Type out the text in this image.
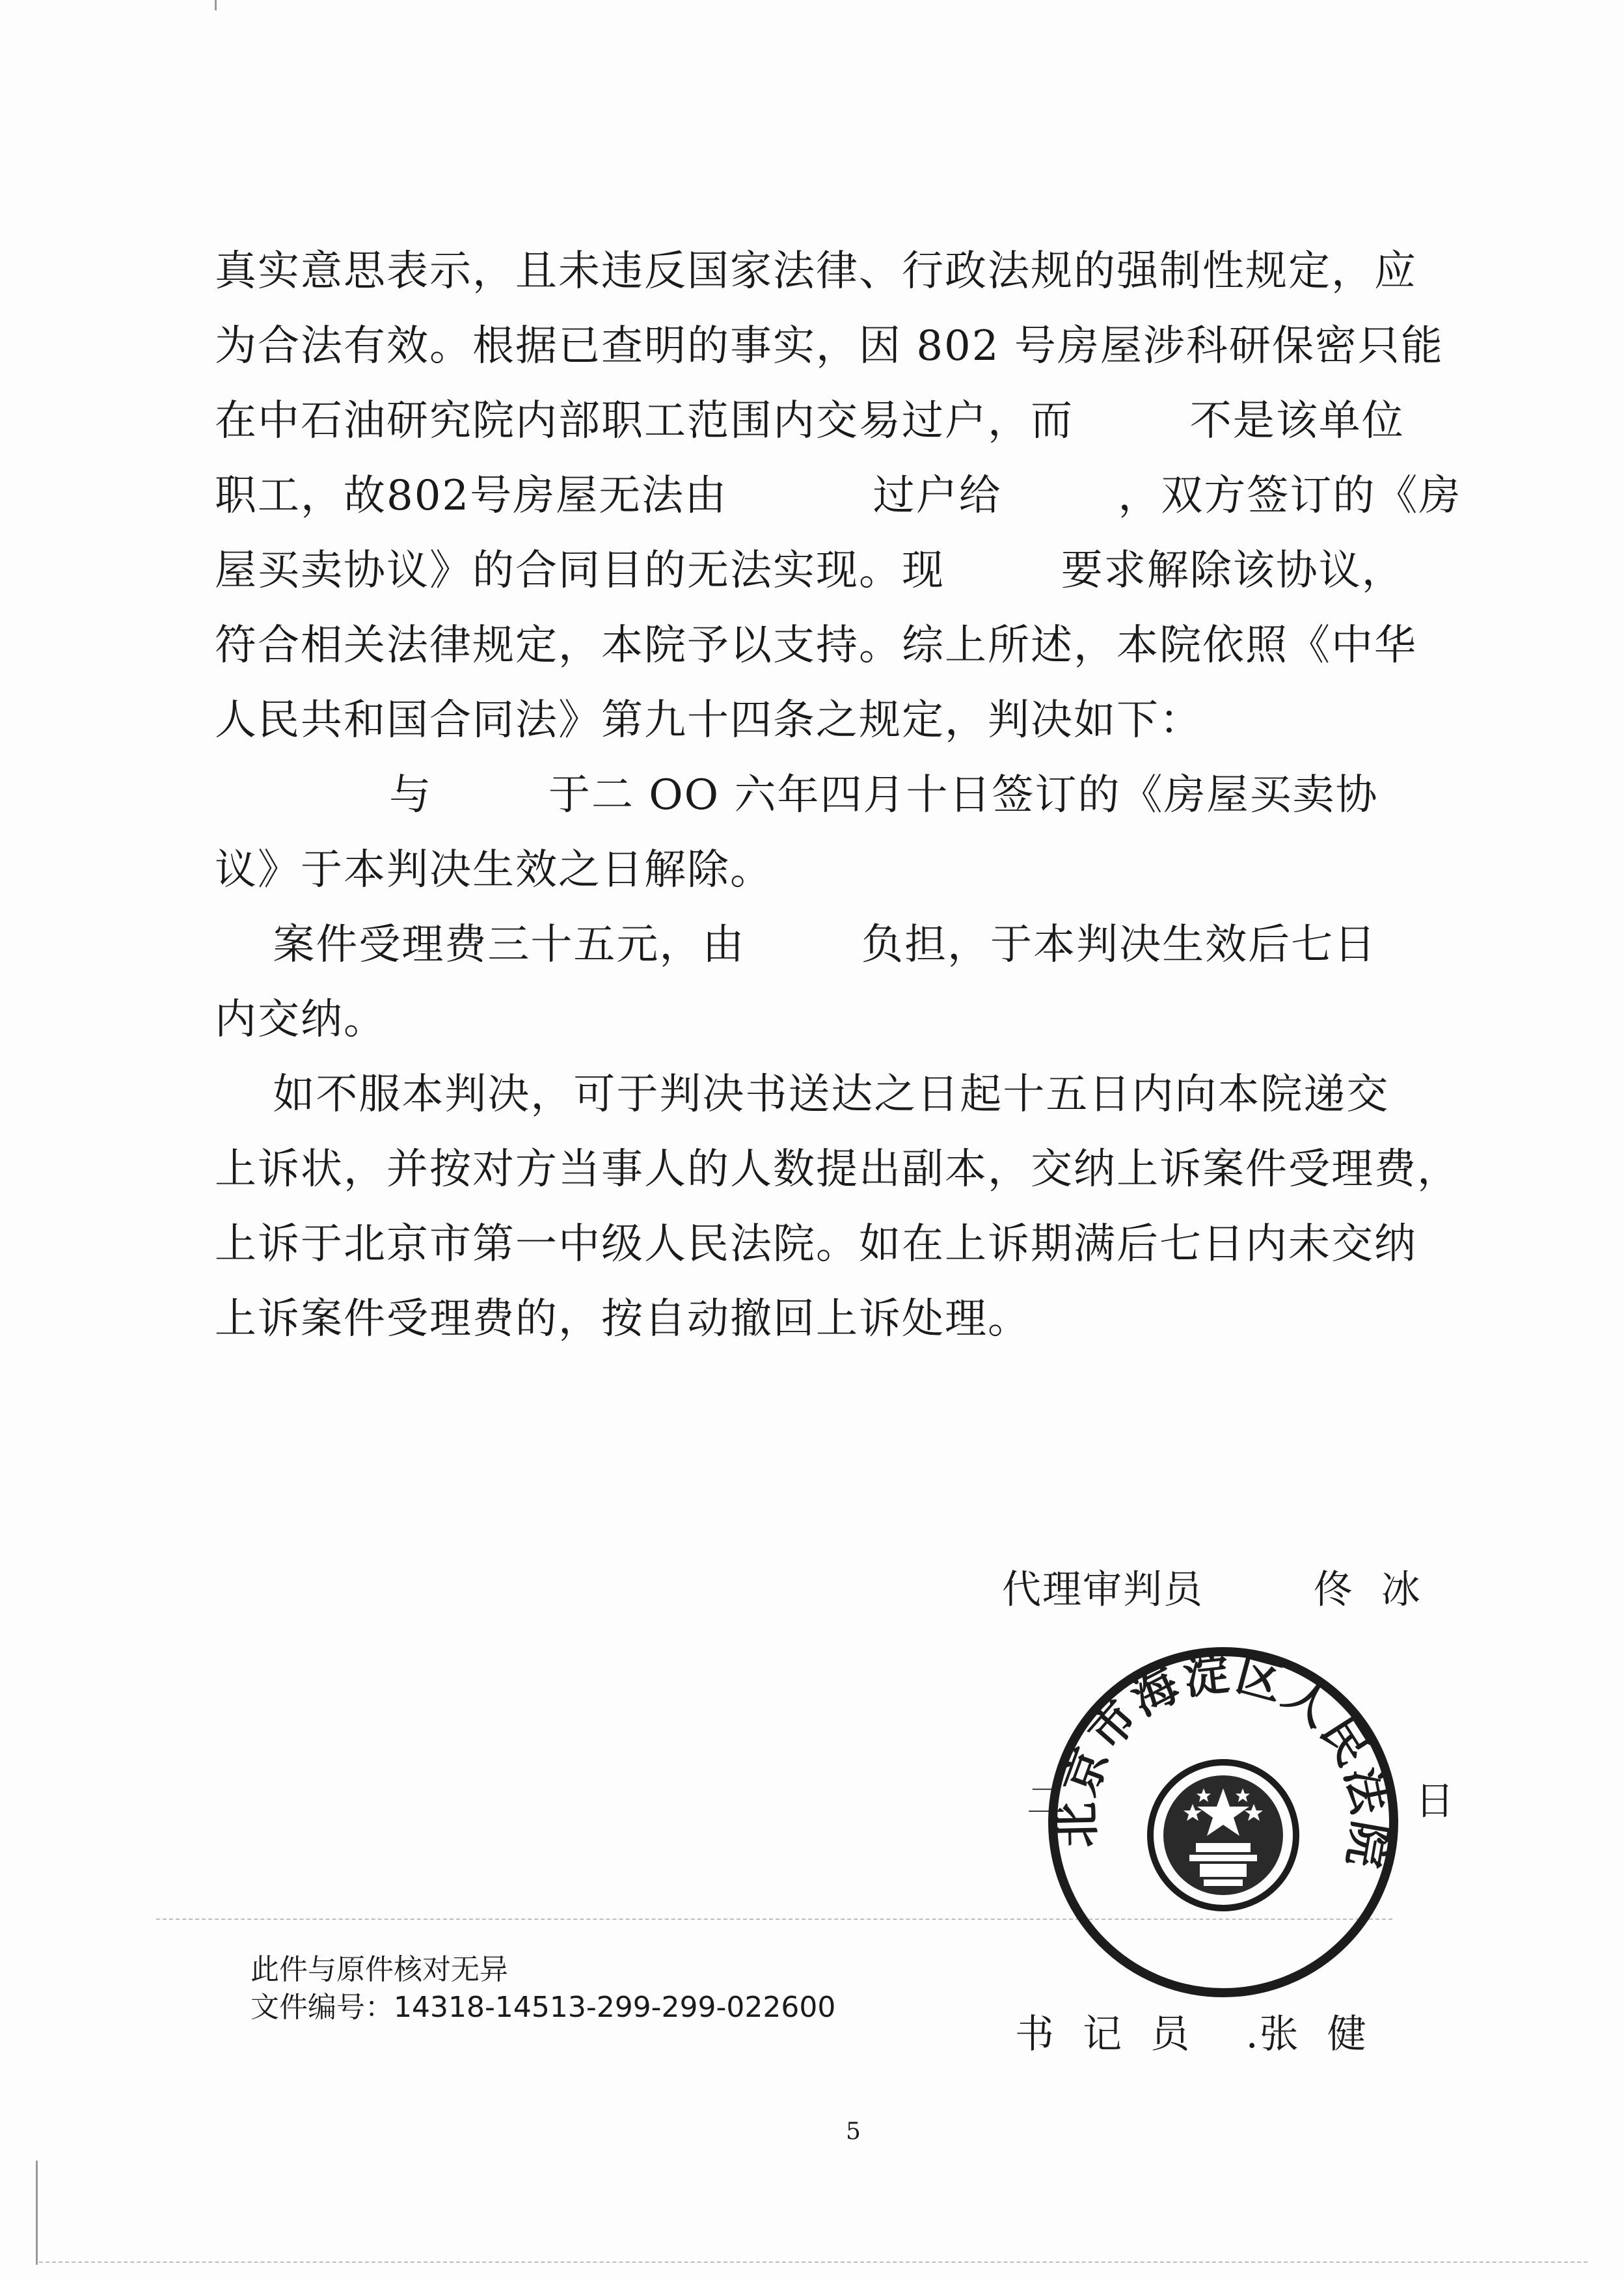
真实意思表示，且未违反国家法律、行政法规的强制性规定，应
为合法有效。根据已查明的事实，因 802 号房屋涉科研保密只能
在中石油研究院内部职工范围内交易过户，而        不是该单位
职工，故802号房屋无法由          过户给        ，双方签订的《房
屋买卖协议》的合同目的无法实现。现        要求解除该协议，
符合相关法律规定，本院予以支持。综上所述，本院依照《中华
人民共和国合同法》第九十四条之规定，判决如下：
与        于二 OO 六年四月十日签订的《房屋买卖协
议》于本判决生效之日解除。
案件受理费三十五元，由        负担，于本判决生效后七日
内交纳。
如不服本判决，可于判决书送达之日起十五日内向本院递交
上诉状，并按对方当事人的人数提出副本，交纳上诉案件受理费，
上诉于北京市第一中级人民法院。如在上诉期满后七日内未交纳
上诉案件受理费的，按自动撤回上诉处理。
代理审判员        佟  冰
二	日
北京市海淀区人民法院
书  记  员    .张  健
此件与原件核对无异
文件编号：14318-14513-299-299-022600
5
